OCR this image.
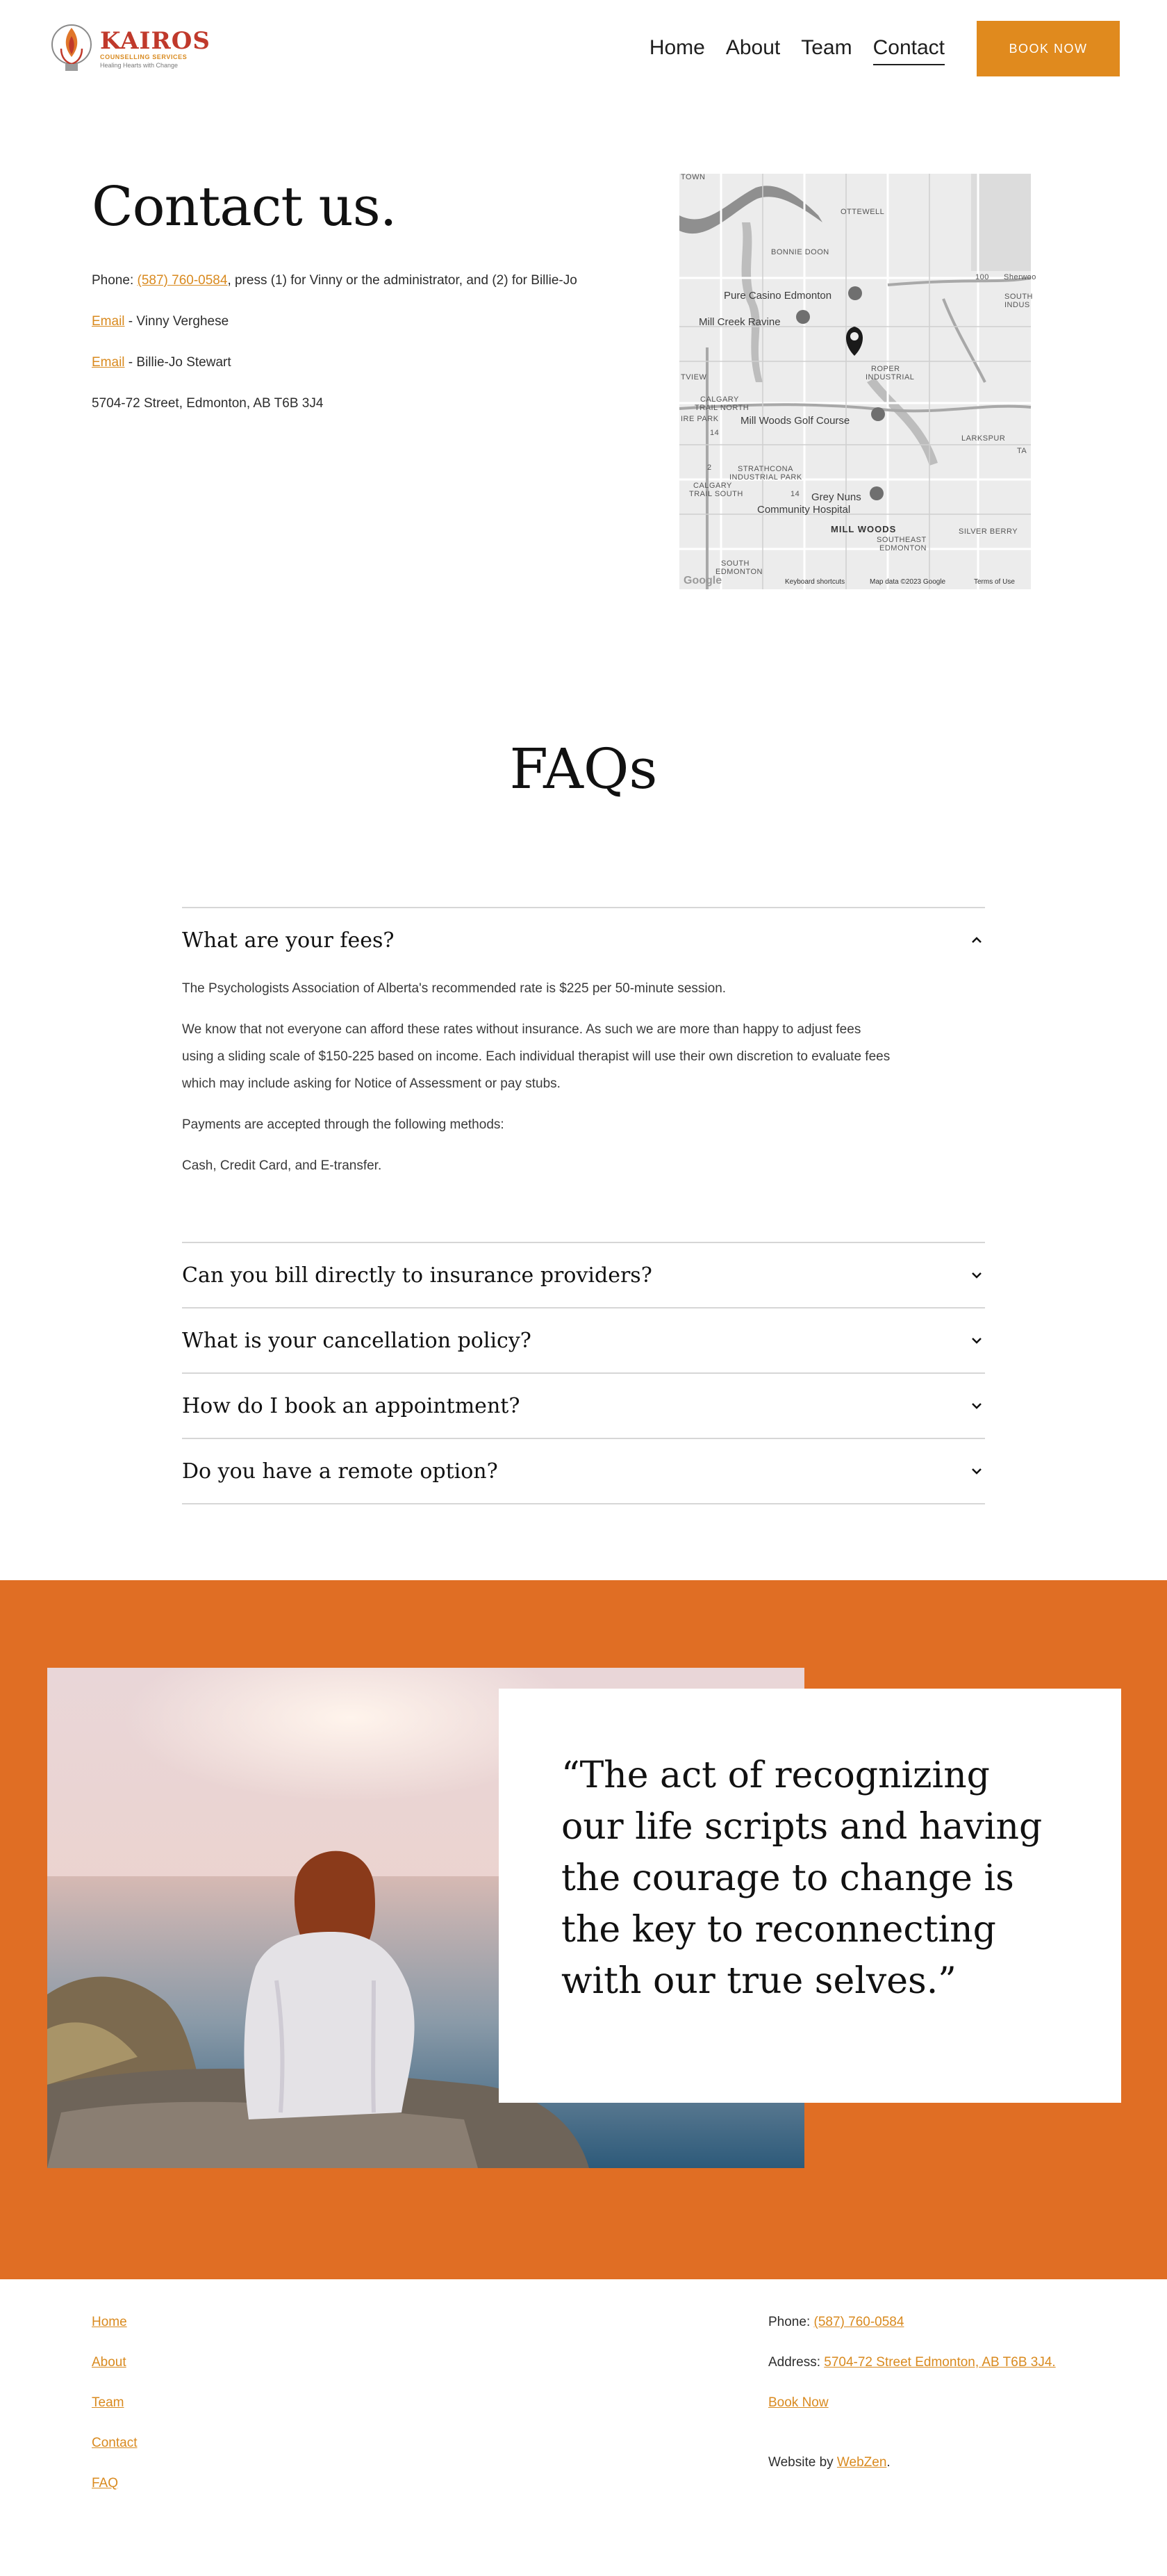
KAIROS
COUNSELLING SERVICES
Healing Hearts with Change
Home About Team Contact	BOOK NOW
Contact us.

Phone: (587) 760-0584, press (1) for Vinny or the administrator, and (2) for Billie-Jo

Email - Vinny Verghese

Email - Billie-Jo Stewart

5704-72 Street, Edmonton, AB T6B 3J4

TOWN
OTTEWELL
BONNIE DOON
Sherwoo
SOUTH
INDUS
ROPER
INDUSTRIAL
TVIEW
CALGARY
TRAIL NORTH
IRE PARK
LARKSPUR
TA
STRATHCONA
INDUSTRIAL PARK
CALGARY
TRAIL SOUTH
SOUTHEAST
EDMONTON
SILVER BERRY
SOUTH
EDMONTON
14
2
14
100
Pure Casino Edmonton
Mill Creek Ravine
Mill Woods Golf Course
Grey Nuns
Community Hospital
MILL WOODS
Google	Keyboard shortcuts	Map data ©2023 Google	Terms of Use
FAQs
What are your fees?

The Psychologists Association of Alberta's recommended rate is $225 per 50-minute session.

We know that not everyone can afford these rates without insurance. As such we are more than happy to adjust fees using a sliding scale of $150-225 based on income. Each individual therapist will use their own discretion to evaluate fees which may include asking for Notice of Assessment or pay stubs.

Payments are accepted through the following methods:

Cash, Credit Card, and E-transfer.

Can you bill directly to insurance providers?
What is your cancellation policy?
How do I book an appointment?
Do you have a remote option?

“The act of recognizing our life scripts and having the courage to change is the key to reconnecting with our true selves.”

Home
About
Team
Contact
FAQ

Phone: (587) 760-0584

Address: 5704-72 Street Edmonton, AB T6B 3J4.

Book Now

Website by WebZen.
